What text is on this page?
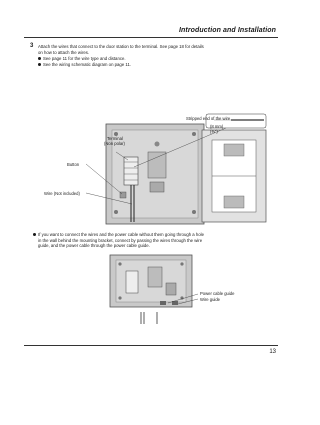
Introduction and Installation
3 Attach the wires that connect to the door station to the terminal. See page 18 for details
on how to attach the wires.
See page 11 for the wire type and distance.
See the wiring schematic diagram on page 11.
Stripped end of the wire
(8 mm)
(⅜")
Terminal
(Non polar)
Button
Wire (Not included)
If you want to connect the wires and the power cable without them going through a hole
in the wall behind the mounting bracket, connect by passing the wires through the wire
guide, and the power cable through the power cable guide.
Power cable guide
Wire guide
13
